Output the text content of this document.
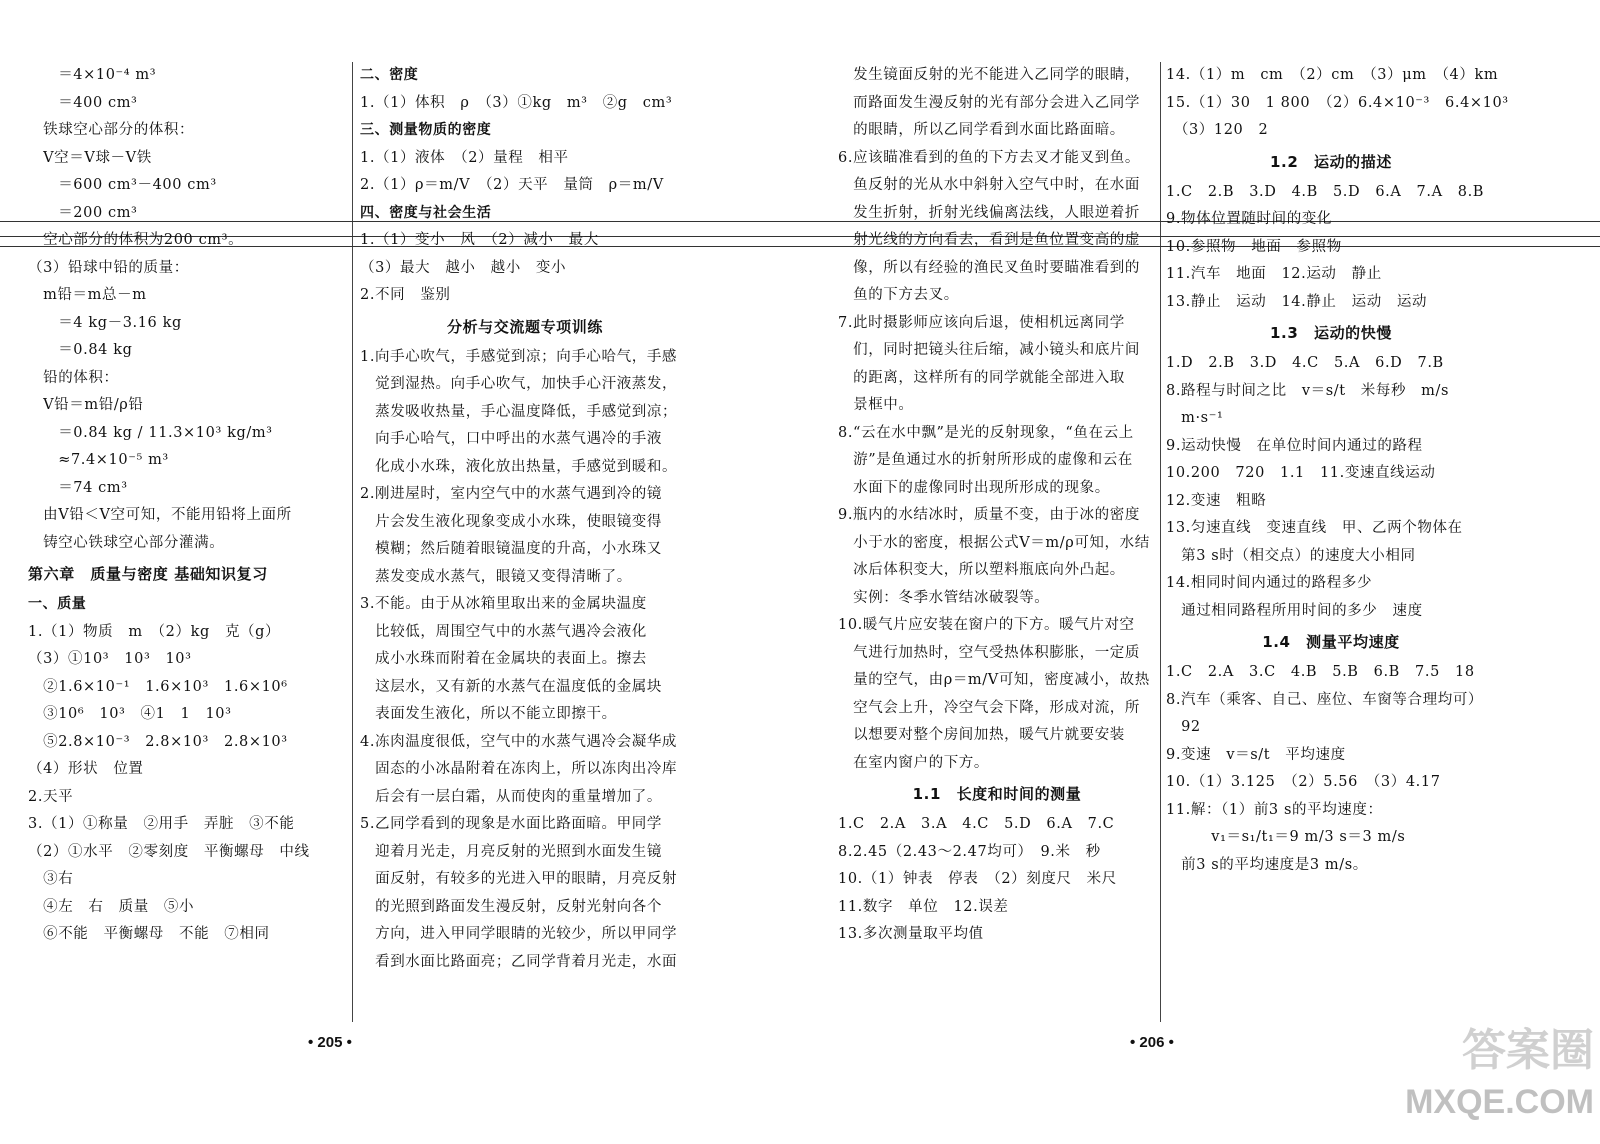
　　＝4×10⁻⁴ m³
　　＝400 cm³
　铁球空心部分的体积：
　V空＝V球－V铁
　　＝600 cm³－400 cm³
　　＝200 cm³
　空心部分的体积为200 cm³。
（3）铅球中铅的质量：
　m铅＝m总－m
　　＝4 kg－3.16 kg
　　＝0.84 kg
　铅的体积：
　V铅＝m铅/ρ铅
　　＝0.84 kg / 11.3×10³ kg/m³
　　≈7.4×10⁻⁵ m³
　　＝74 cm³
　由V铅＜V空可知，不能用铅将上面所
　铸空心铁球空心部分灌满。
第六章　质量与密度 基础知识复习
一、质量
1.（1）物质　m　（2）kg　克（g）
（3）①10³　10³　10³
　②1.6×10⁻¹　1.6×10³　1.6×10⁶
　③10⁶　10³　④1　1　10³
　⑤2.8×10⁻³　2.8×10³　2.8×10³
（4）形状　位置
2.天平
3.（1）①称量　②用手　弄脏　③不能
（2）①水平　②零刻度　平衡螺母　中线
　③右
　④左　右　质量　⑤小
　⑥不能　平衡螺母　不能　⑦相同
二、密度
1.（1）体积　ρ　（3）①kg　m³　②g　cm³
三、测量物质的密度
1.（1）液体　（2）量程　相平
2.（1）ρ＝m/V　（2）天平　量筒　ρ＝m/V
四、密度与社会生活
1.（1）变小　风　（2）减小　最大
（3）最大　越小　越小　变小
2.不同　鉴别
分析与交流题专项训练
1.向手心吹气，手感觉到凉；向手心哈气，手感
　觉到湿热。向手心吹气，加快手心汗液蒸发，
　蒸发吸收热量，手心温度降低，手感觉到凉；
　向手心哈气，口中呼出的水蒸气遇冷的手液
　化成小水珠，液化放出热量，手感觉到暖和。
2.刚进屋时，室内空气中的水蒸气遇到冷的镜
　片会发生液化现象变成小水珠，使眼镜变得
　模糊；然后随着眼镜温度的升高，小水珠又
　蒸发变成水蒸气，眼镜又变得清晰了。
3.不能。由于从冰箱里取出来的金属块温度
　比较低，周围空气中的水蒸气遇冷会液化
　成小水珠而附着在金属块的表面上。擦去
　这层水，又有新的水蒸气在温度低的金属块
　表面发生液化，所以不能立即擦干。
4.冻肉温度很低，空气中的水蒸气遇冷会凝华成
　固态的小冰晶附着在冻肉上，所以冻肉出冷库
　后会有一层白霜，从而使肉的重量增加了。
5.乙同学看到的现象是水面比路面暗。甲同学
　迎着月光走，月亮反射的光照到水面发生镜
　面反射，有较多的光进入甲的眼睛，月亮反射
　的光照到路面发生漫反射，反射光射向各个
　方向，进入甲同学眼睛的光较少，所以甲同学
　看到水面比路面亮；乙同学背着月光走，水面
　发生镜面反射的光不能进入乙同学的眼睛，
　而路面发生漫反射的光有部分会进入乙同学
　的眼睛，所以乙同学看到水面比路面暗。
6.应该瞄准看到的鱼的下方去叉才能叉到鱼。
　鱼反射的光从水中斜射入空气中时，在水面
　发生折射，折射光线偏离法线，人眼逆着折
　射光线的方向看去，看到是鱼位置变高的虚
　像，所以有经验的渔民叉鱼时要瞄准看到的
　鱼的下方去叉。
7.此时摄影师应该向后退，使相机远离同学
　们，同时把镜头往后缩，减小镜头和底片间
　的距离，这样所有的同学就能全部进入取
　景框中。
8.“云在水中飘”是光的反射现象，“鱼在云上
　游”是鱼通过水的折射所形成的虚像和云在
　水面下的虚像同时出现所形成的现象。
9.瓶内的水结冰时，质量不变，由于冰的密度
　小于水的密度，根据公式V＝m/ρ可知，水结
　冰后体积变大，所以塑料瓶底向外凸起。
　实例：冬季水管结冰破裂等。
10.暖气片应安装在窗户的下方。暖气片对空
　气进行加热时，空气受热体积膨胀，一定质
　量的空气，由ρ＝m/V可知，密度减小，故热
　空气会上升，冷空气会下降，形成对流，所
　以想要对整个房间加热，暖气片就要安装
　在室内窗户的下方。
1.1　长度和时间的测量
1.C　2.A　3.A　4.C　5.D　6.A　7.C
8.2.45（2.43～2.47均可）　9.米　秒
10.（1）钟表　停表　（2）刻度尺　米尺
11.数字　单位　12.误差
13.多次测量取平均值
14.（1）m　cm　（2）cm　（3）μm　（4）km
15.（1）30　1 800　（2）6.4×10⁻³　6.4×10³
　（3）120　2
1.2　运动的描述
1.C　2.B　3.D　4.B　5.D　6.A　7.A　8.B
9.物体位置随时间的变化
10.参照物　地面　参照物
11.汽车　地面　12.运动　静止
13.静止　运动　14.静止　运动　运动
1.3　运动的快慢
1.D　2.B　3.D　4.C　5.A　6.D　7.B
8.路程与时间之比　v＝s/t　米每秒　m/s
　m·s⁻¹
9.运动快慢　在单位时间内通过的路程
10.200　720　1.1　11.变速直线运动
12.变速　粗略
13.匀速直线　变速直线　甲、乙两个物体在
　第3 s时（相交点）的速度大小相同
14.相同时间内通过的路程多少
　通过相同路程所用时间的多少　速度
1.4　测量平均速度
1.C　2.A　3.C　4.B　5.B　6.B　7.5　18
8.汽车（乘客、自己、座位、车窗等合理均可）
　92
9.变速　v＝s/t　平均速度
10.（1）3.125　（2）5.56　（3）4.17
11.解：（1）前3 s的平均速度：
　　　v₁＝s₁/t₁＝9 m/3 s＝3 m/s
　前3 s的平均速度是3 m/s。
• 205 •	• 206 •	答案圈
MXQE.COM
